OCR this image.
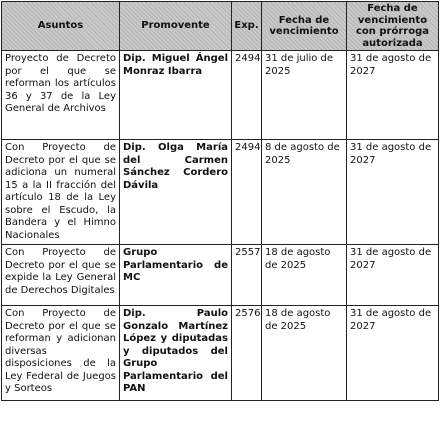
Asuntos	Promovente	Exp.	Fecha de vencimiento	Fecha de vencimiento con prórroga autorizada
Proyecto de Decreto por el que se reforman los artículos 36 y 37 de la Ley General de Archivos	Dip. Miguel Ángel Monraz Ibarra	2494	31 de julio de 2025	31 de agosto de 2027
Con Proyecto de Decreto por el que se adiciona un numeral 15 a la II fracción del artículo 18 de la Ley sobre el Escudo, la Bandera y el Himno Nacionales	Dip. Olga María del Carmen Sánchez Cordero Dávila	2494	8 de agosto de 2025	31 de agosto de 2027
Con Proyecto de Decreto por el que se expide la Ley General de Derechos Digitales	Grupo Parlamentario de MC	2557	18 de agosto de 2025	31 de agosto de 2027
Con Proyecto de Decreto por el que se reforman y adicionan diversas disposiciones de la Ley Federal de Juegos y Sorteos	Dip. Paulo Gonzalo Martínez López y diputadas y diputados del Grupo Parlamentario del PAN	2576	18 de agosto de 2025	31 de agosto de 2027
